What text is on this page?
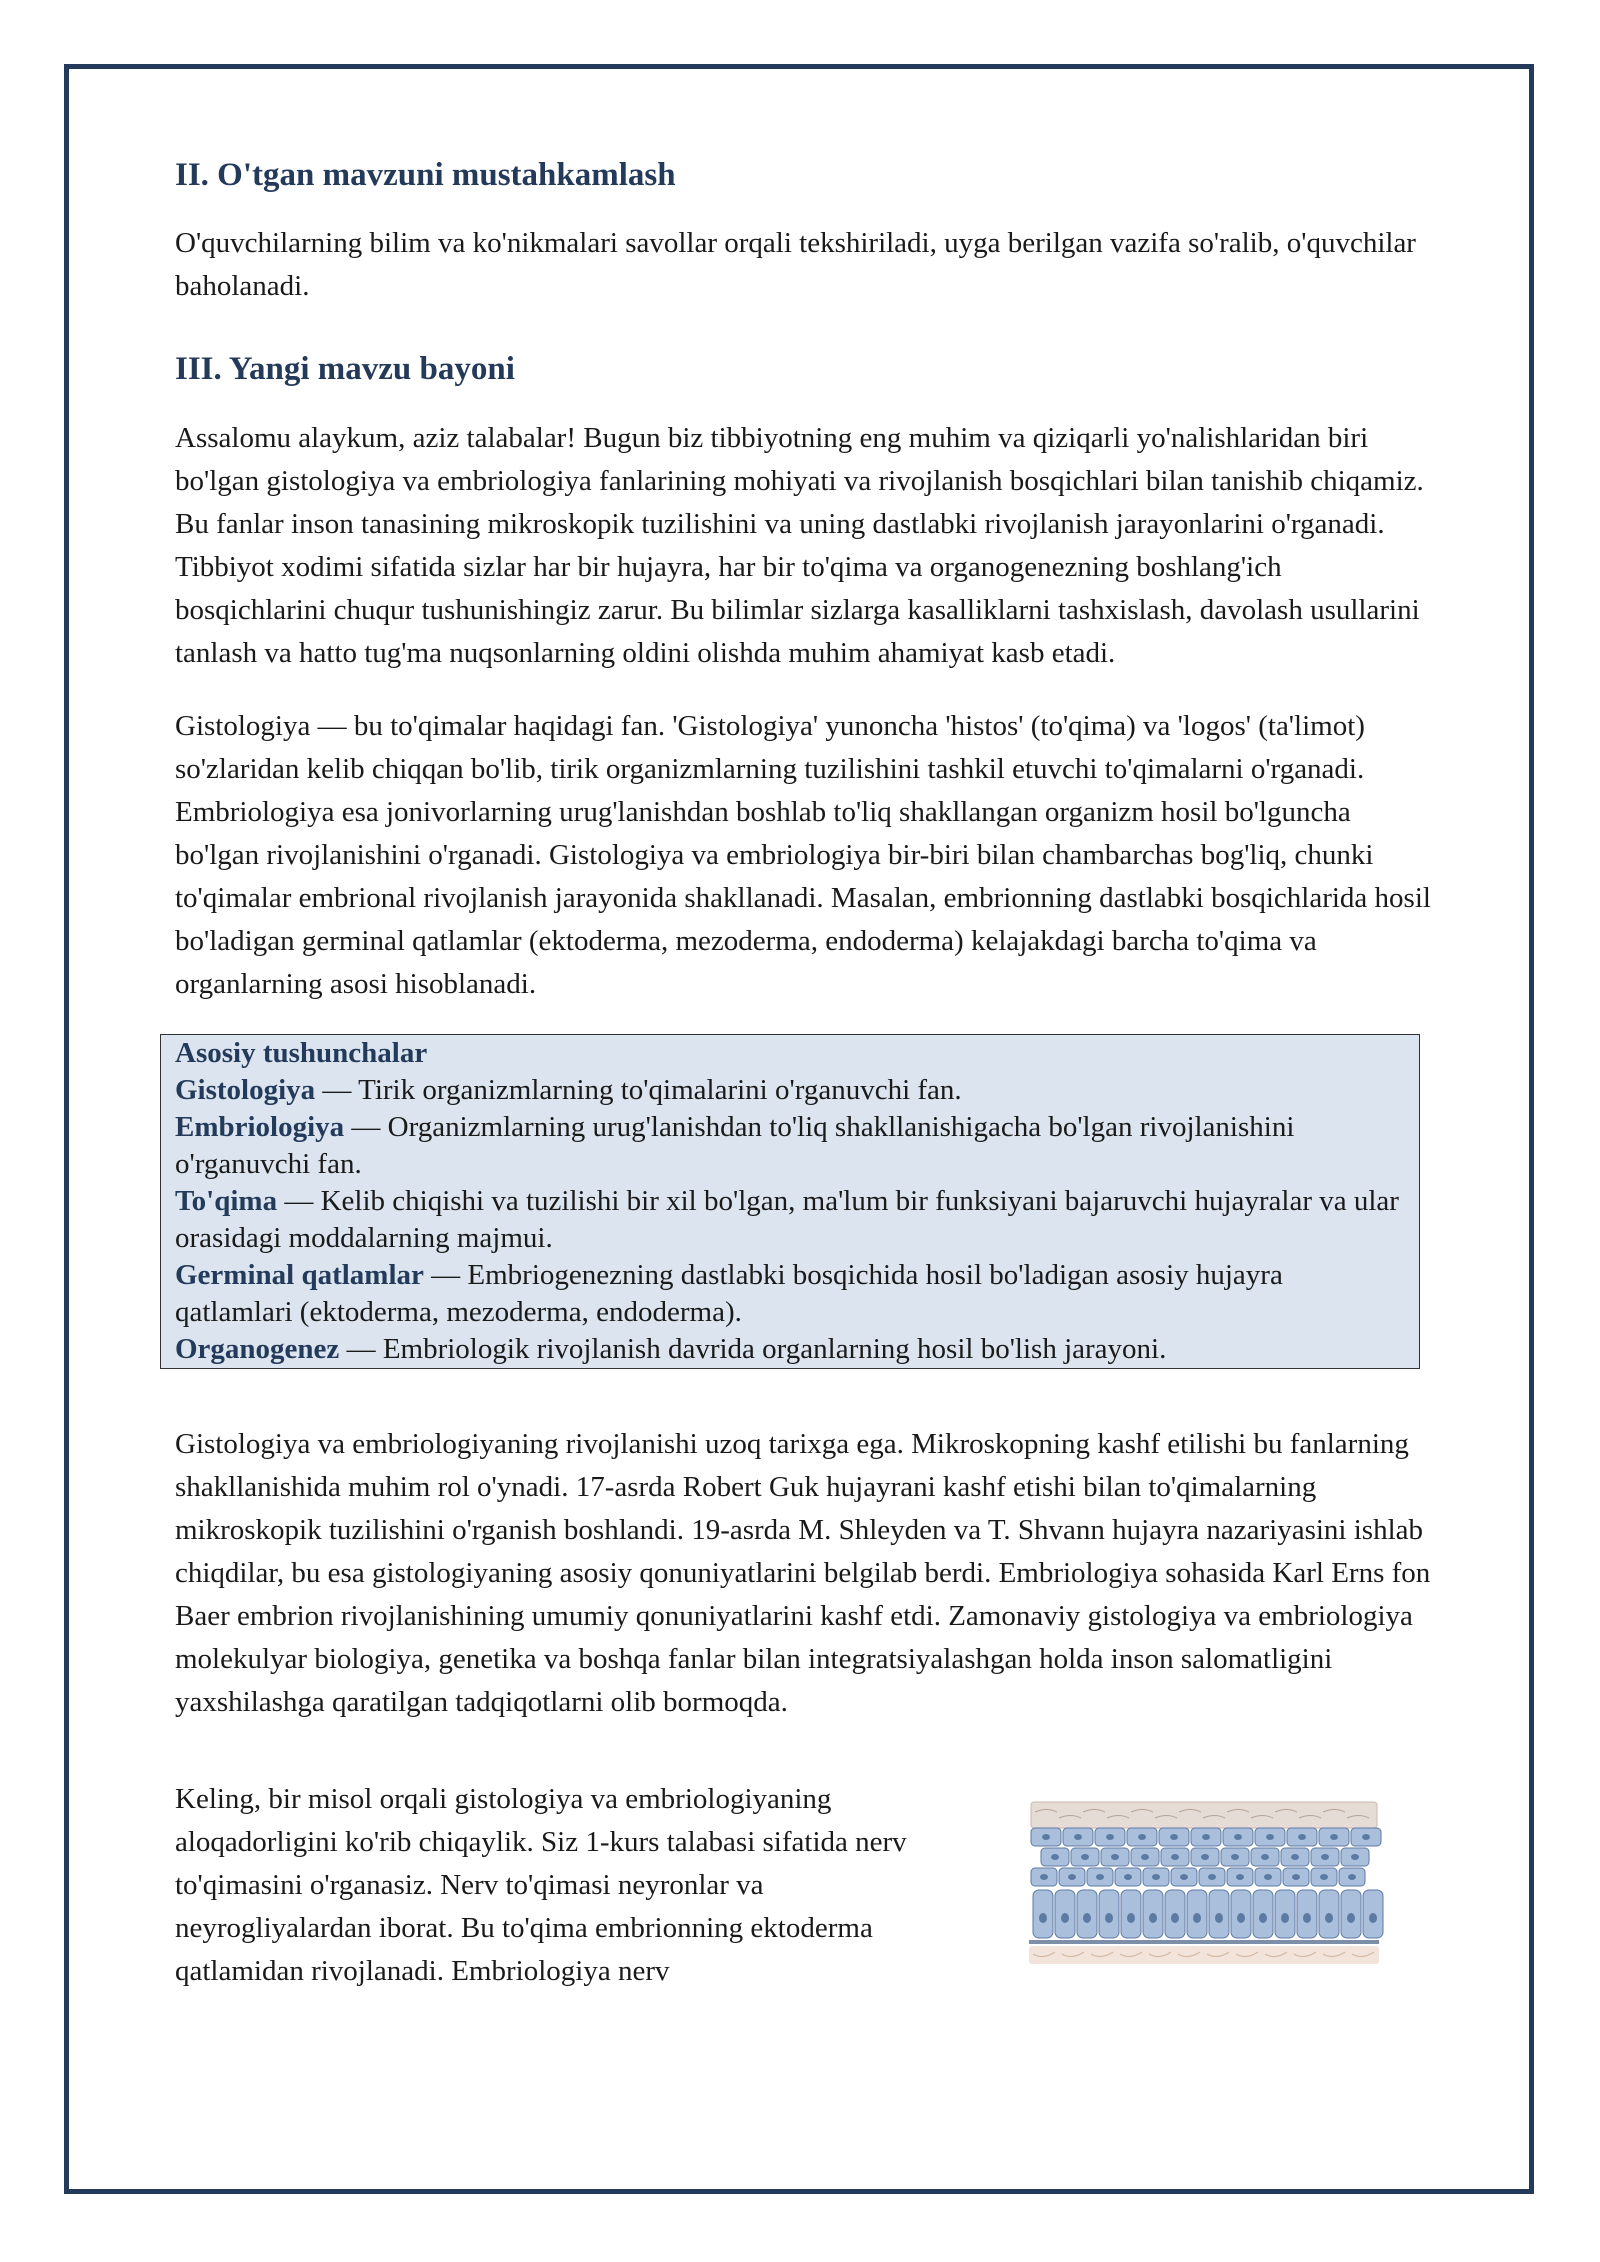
II. O'tgan mavzuni mustahkamlash

O'quvchilarning bilim va ko'nikmalari savollar orqali tekshiriladi, uyga berilgan vazifa so'ralib, o'quvchilar baholanadi.

III. Yangi mavzu bayoni

Assalomu alaykum, aziz talabalar! Bugun biz tibbiyotning eng muhim va qiziqarli yo'nalishlaridan biri bo'lgan gistologiya va embriologiya fanlarining mohiyati va rivojlanish bosqichlari bilan tanishib chiqamiz. Bu fanlar inson tanasining mikroskopik tuzilishini va uning dastlabki rivojlanish jarayonlarini o'rganadi. Tibbiyot xodimi sifatida sizlar har bir hujayra, har bir to'qima va organogenezning boshlang'ich bosqichlarini chuqur tushunishingiz zarur. Bu bilimlar sizlarga kasalliklarni tashxislash, davolash usullarini tanlash va hatto tug'ma nuqsonlarning oldini olishda muhim ahamiyat kasb etadi.

Gistologiya — bu to'qimalar haqidagi fan. 'Gistologiya' yunoncha 'histos' (to'qima) va 'logos' (ta'limot) so'zlaridan kelib chiqqan bo'lib, tirik organizmlarning tuzilishini tashkil etuvchi to'qimalarni o'rganadi. Embriologiya esa jonivorlarning urug'lanishdan boshlab to'liq shakllangan organizm hosil bo'lguncha bo'lgan rivojlanishini o'rganadi. Gistologiya va embriologiya bir-biri bilan chambarchas bog'liq, chunki to'qimalar embrional rivojlanish jarayonida shakllanadi. Masalan, embrionning dastlabki bosqichlarida hosil bo'ladigan germinal qatlamlar (ektoderma, mezoderma, endoderma) kelajakdagi barcha to'qima va organlarning asosi hisoblanadi.

Asosiy tushunchalar
Gistologiya — Tirik organizmlarning to'qimalarini o'rganuvchi fan.
Embriologiya — Organizmlarning urug'lanishdan to'liq shakllanishigacha bo'lgan rivojlanishini o'rganuvchi fan.
To'qima — Kelib chiqishi va tuzilishi bir xil bo'lgan, ma'lum bir funksiyani bajaruvchi hujayralar va ular orasidagi moddalarning majmui.
Germinal qatlamlar — Embriogenezning dastlabki bosqichida hosil bo'ladigan asosiy hujayra qatlamlari (ektoderma, mezoderma, endoderma).
Organogenez — Embriologik rivojlanish davrida organlarning hosil bo'lish jarayoni.

Gistologiya va embriologiyaning rivojlanishi uzoq tarixga ega. Mikroskopning kashf etilishi bu fanlarning shakllanishida muhim rol o'ynadi. 17-asrda Robert Guk hujayrani kashf etishi bilan to'qimalarning mikroskopik tuzilishini o'rganish boshlandi. 19-asrda M. Shleyden va T. Shvann hujayra nazariyasini ishlab chiqdilar, bu esa gistologiyaning asosiy qonuniyatlarini belgilab berdi. Embriologiya sohasida Karl Erns fon Baer embrion rivojlanishining umumiy qonuniyatlarini kashf etdi. Zamonaviy gistologiya va embriologiya molekulyar biologiya, genetika va boshqa fanlar bilan integratsiyalashgan holda inson salomatligini yaxshilashga qaratilgan tadqiqotlarni olib bormoqda.

Keling, bir misol orqali gistologiya va embriologiyaning aloqadorligini ko'rib chiqaylik. Siz 1-kurs talabasi sifatida nerv to'qimasini o'rganasiz. Nerv to'qimasi neyronlar va neyrogliyalardan iborat. Bu to'qima embrionning ektoderma qatlamidan rivojlanadi. Embriologiya nerv
